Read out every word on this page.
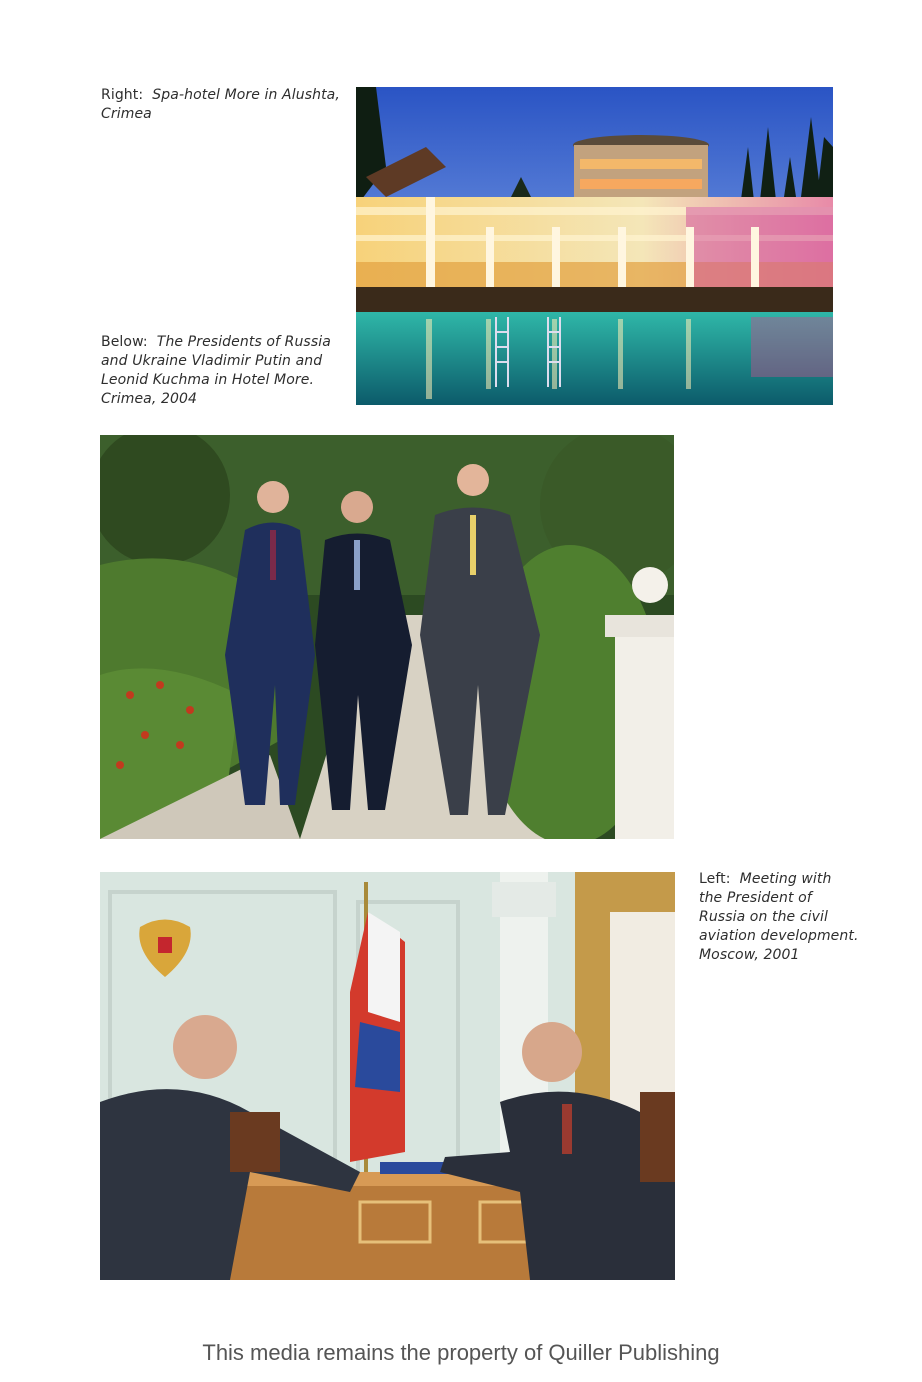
Right: Spa-hotel More in Alushta, Crimea
Below: The Presidents of Russia and Ukraine Vladimir Putin and Leonid Kuchma in Hotel More. Crimea, 2004
Left: Meeting with the President of Russia on the civil aviation development. Moscow, 2001
This media remains the property of Quiller Publishing
